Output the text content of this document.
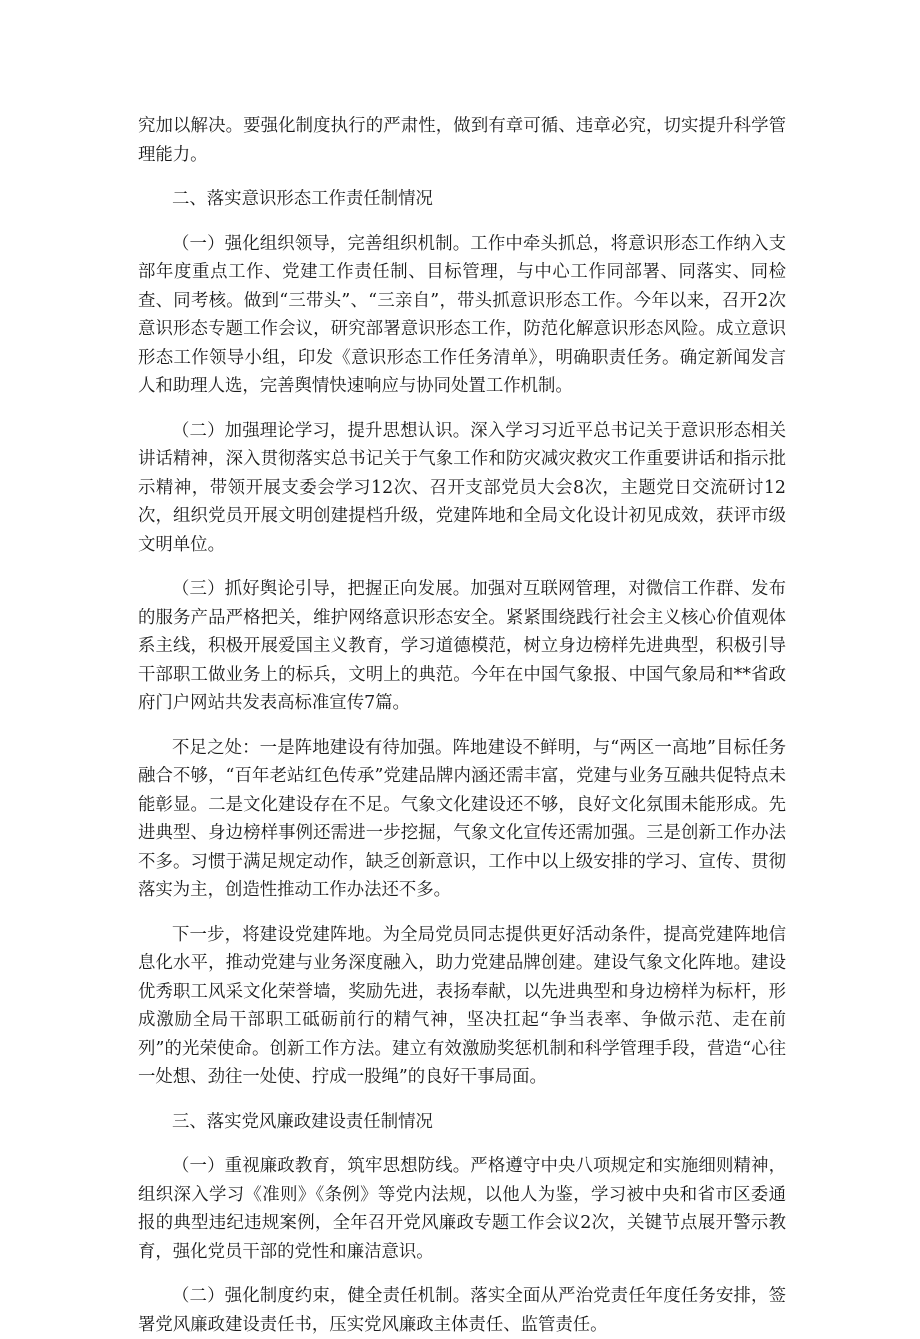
究加以解决。要强化制度执行的严肃性，做到有章可循、违章必究，切实提升科学管理能力。

二、落实意识形态工作责任制情况

（一）强化组织领导，完善组织机制。工作中牵头抓总，将意识形态工作纳入支部年度重点工作、党建工作责任制、目标管理，与中心工作同部署、同落实、同检查、同考核。做到“三带头”、“三亲自”，带头抓意识形态工作。今年以来，召开2次意识形态专题工作会议，研究部署意识形态工作，防范化解意识形态风险。成立意识形态工作领导小组，印发《意识形态工作任务清单》，明确职责任务。确定新闻发言人和助理人选，完善舆情快速响应与协同处置工作机制。

（二）加强理论学习，提升思想认识。深入学习习近平总书记关于意识形态相关讲话精神，深入贯彻落实总书记关于气象工作和防灾减灾救灾工作重要讲话和指示批示精神，带领开展支委会学习12次、召开支部党员大会8次，主题党日交流研讨12次，组织党员开展文明创建提档升级，党建阵地和全局文化设计初见成效，获评市级文明单位。

（三）抓好舆论引导，把握正向发展。加强对互联网管理，对微信工作群、发布的服务产品严格把关，维护网络意识形态安全。紧紧围绕践行社会主义核心价值观体系主线，积极开展爱国主义教育，学习道德模范，树立身边榜样先进典型，积极引导干部职工做业务上的标兵，文明上的典范。今年在中国气象报、中国气象局和**省政府门户网站共发表高标准宣传7篇。

不足之处：一是阵地建设有待加强。阵地建设不鲜明，与“两区一高地”目标任务融合不够，“百年老站红色传承”党建品牌内涵还需丰富，党建与业务互融共促特点未能彰显。二是文化建设存在不足。气象文化建设还不够，良好文化氛围未能形成。先进典型、身边榜样事例还需进一步挖掘，气象文化宣传还需加强。三是创新工作办法不多。习惯于满足规定动作，缺乏创新意识，工作中以上级安排的学习、宣传、贯彻落实为主，创造性推动工作办法还不多。

下一步，将建设党建阵地。为全局党员同志提供更好活动条件，提高党建阵地信息化水平，推动党建与业务深度融入，助力党建品牌创建。建设气象文化阵地。建设优秀职工风采文化荣誉墙，奖励先进，表扬奉献，以先进典型和身边榜样为标杆，形成激励全局干部职工砥砺前行的精气神，坚决扛起“争当表率、争做示范、走在前列”的光荣使命。创新工作方法。建立有效激励奖惩机制和科学管理手段，营造“心往一处想、劲往一处使、拧成一股绳”的良好干事局面。

三、落实党风廉政建设责任制情况

（一）重视廉政教育，筑牢思想防线。严格遵守中央八项规定和实施细则精神，组织深入学习《准则》《条例》等党内法规，以他人为鉴，学习被中央和省市区委通报的典型违纪违规案例，全年召开党风廉政专题工作会议2次，关键节点展开警示教育，强化党员干部的党性和廉洁意识。

（二）强化制度约束，健全责任机制。落实全面从严治党责任年度任务安排，签署党风廉政建设责任书，压实党风廉政主体责任、监管责任。
